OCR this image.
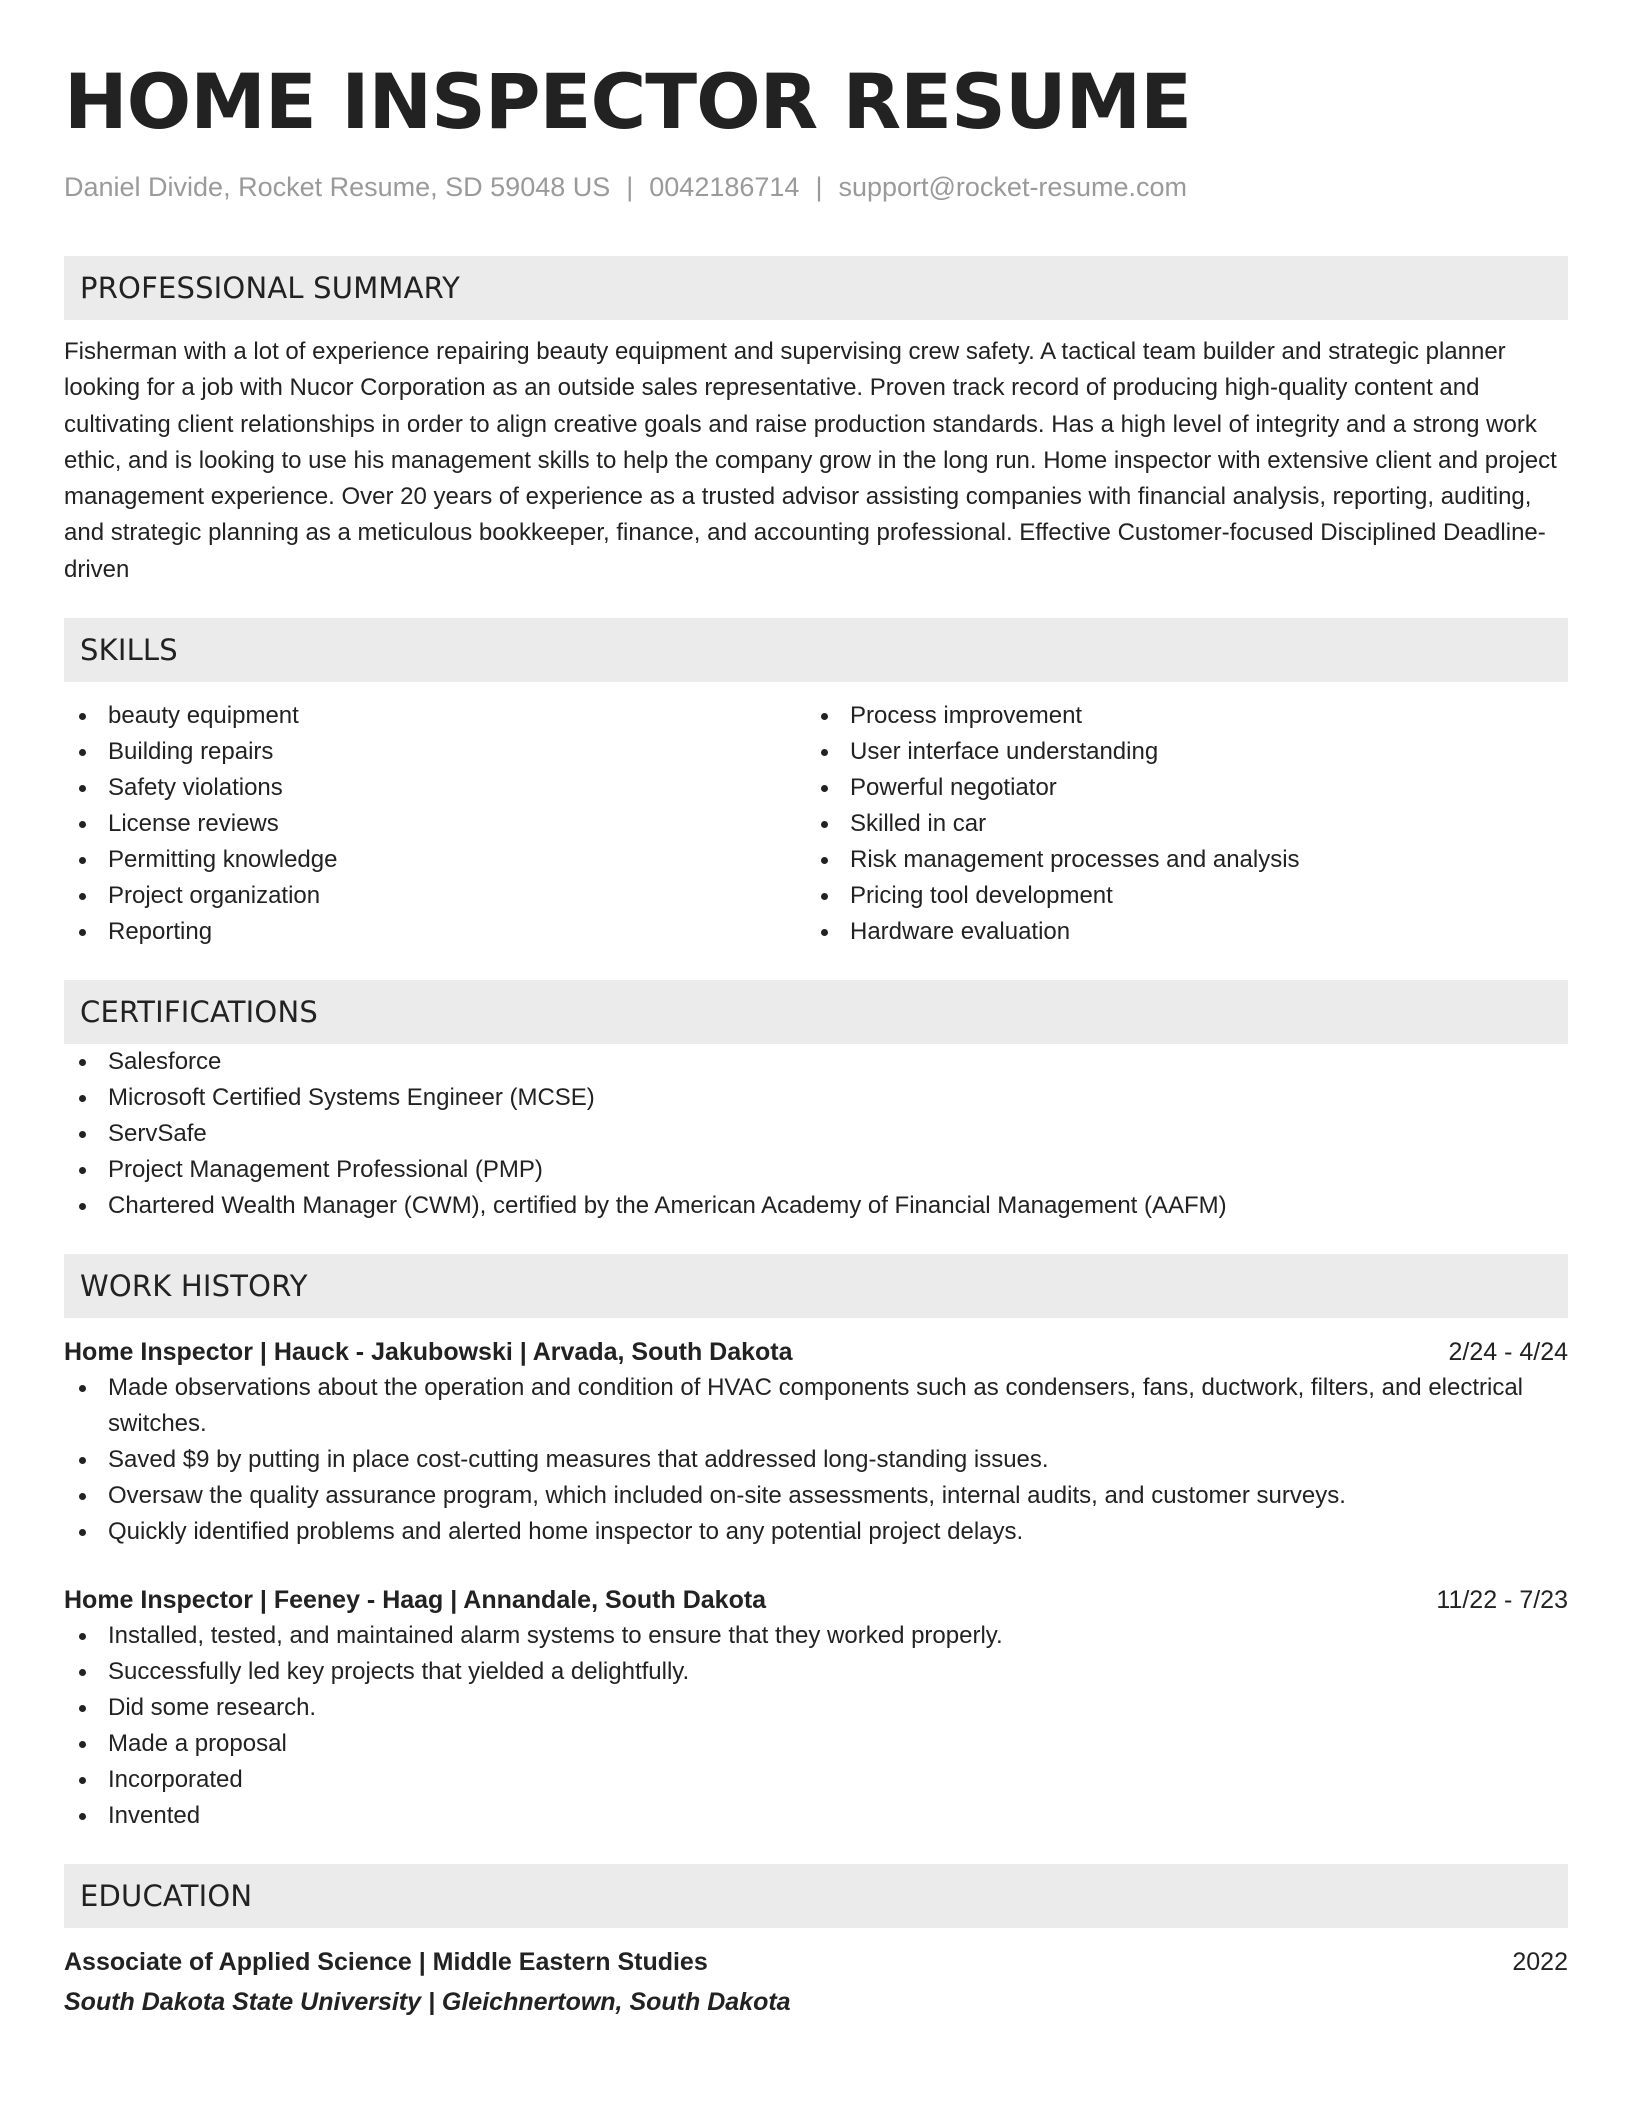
HOME INSPECTOR RESUME
Daniel Divide, Rocket Resume, SD 59048 US | 0042186714 | support@rocket-resume.com
PROFESSIONAL SUMMARY
Fisherman with a lot of experience repairing beauty equipment and supervising crew safety. A tactical team builder and strategic planner looking for a job with Nucor Corporation as an outside sales representative. Proven track record of producing high-quality content and cultivating client relationships in order to align creative goals and raise production standards. Has a high level of integrity and a strong work ethic, and is looking to use his management skills to help the company grow in the long run. Home inspector with extensive client and project management experience. Over 20 years of experience as a trusted advisor assisting companies with financial analysis, reporting, auditing, and strategic planning as a meticulous bookkeeper, finance, and accounting professional. Effective Customer-focused Disciplined Deadline-driven
SKILLS
beauty equipment
Building repairs
Safety violations
License reviews
Permitting knowledge
Project organization
Reporting
Process improvement
User interface understanding
Powerful negotiator
Skilled in car
Risk management processes and analysis
Pricing tool development
Hardware evaluation
CERTIFICATIONS
Salesforce
Microsoft Certified Systems Engineer (MCSE)
ServSafe
Project Management Professional (PMP)
Chartered Wealth Manager (CWM), certified by the American Academy of Financial Management (AAFM)
WORK HISTORY
Home Inspector | Hauck - Jakubowski | Arvada, South Dakota	2/24 - 4/24
Made observations about the operation and condition of HVAC components such as condensers, fans, ductwork, filters, and electrical switches.
Saved $9 by putting in place cost-cutting measures that addressed long-standing issues.
Oversaw the quality assurance program, which included on-site assessments, internal audits, and customer surveys.
Quickly identified problems and alerted home inspector to any potential project delays.
Home Inspector | Feeney - Haag | Annandale, South Dakota	11/22 - 7/23
Installed, tested, and maintained alarm systems to ensure that they worked properly.
Successfully led key projects that yielded a delightfully.
Did some research.
Made a proposal
Incorporated
Invented
EDUCATION
Associate of Applied Science | Middle Eastern Studies	2022
South Dakota State University | Gleichnertown, South Dakota
